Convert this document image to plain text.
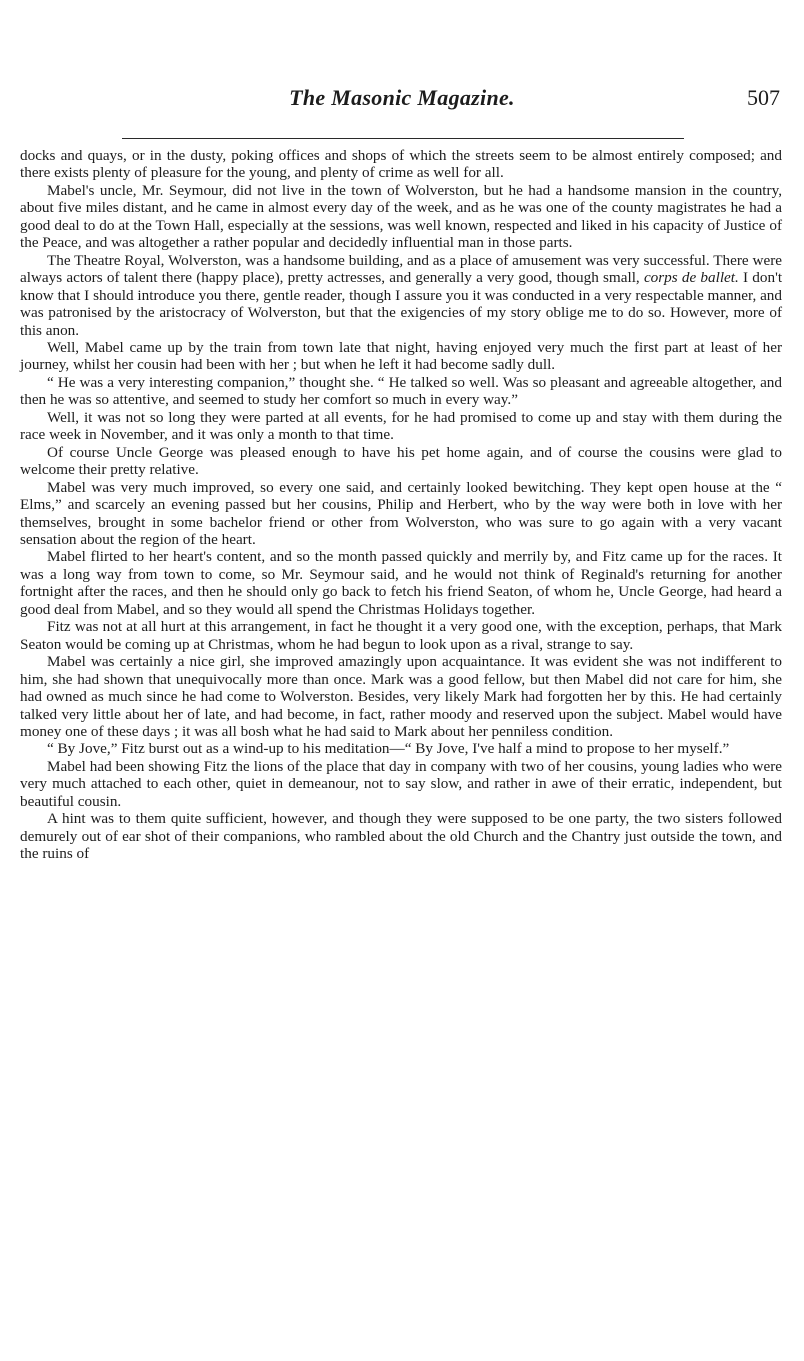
The Masonic Magazine.	507

docks and quays, or in the dusty, poking offices and shops of which the streets seem to be almost entirely composed; and there exists plenty of pleasure for the young, and plenty of crime as well for all.

Mabel's uncle, Mr. Seymour, did not live in the town of Wolverston, but he had a handsome mansion in the country, about five miles distant, and he came in almost every day of the week, and as he was one of the county magistrates he had a good deal to do at the Town Hall, especially at the sessions, was well known, respected and liked in his capacity of Justice of the Peace, and was altogether a rather popular and decidedly influential man in those parts.

The Theatre Royal, Wolverston, was a handsome building, and as a place of amusement was very successful. There were always actors of talent there (happy place), pretty actresses, and generally a very good, though small, corps de ballet. I don't know that I should introduce you there, gentle reader, though I assure you it was conducted in a very respectable manner, and was patronised by the aristocracy of Wolverston, but that the exigencies of my story oblige me to do so. However, more of this anon.

Well, Mabel came up by the train from town late that night, having enjoyed very much the first part at least of her journey, whilst her cousin had been with her ; but when he left it had become sadly dull.

“ He was a very interesting companion,” thought she. “ He talked so well. Was so pleasant and agreeable altogether, and then he was so attentive, and seemed to study her comfort so much in every way.”

Well, it was not so long they were parted at all events, for he had promised to come up and stay with them during the race week in November, and it was only a month to that time.

Of course Uncle George was pleased enough to have his pet home again, and of course the cousins were glad to welcome their pretty relative.

Mabel was very much improved, so every one said, and certainly looked bewitching. They kept open house at the “ Elms,” and scarcely an evening passed but her cousins, Philip and Herbert, who by the way were both in love with her themselves, brought in some bachelor friend or other from Wolverston, who was sure to go again with a very vacant sensation about the region of the heart.

Mabel flirted to her heart's content, and so the month passed quickly and merrily by, and Fitz came up for the races. It was a long way from town to come, so Mr. Seymour said, and he would not think of Reginald's returning for another fortnight after the races, and then he should only go back to fetch his friend Seaton, of whom he, Uncle George, had heard a good deal from Mabel, and so they would all spend the Christmas Holidays together.

Fitz was not at all hurt at this arrangement, in fact he thought it a very good one, with the exception, perhaps, that Mark Seaton would be coming up at Christmas, whom he had begun to look upon as a rival, strange to say.

Mabel was certainly a nice girl, she improved amazingly upon acquaintance. It was evident she was not indifferent to him, she had shown that unequivocally more than once. Mark was a good fellow, but then Mabel did not care for him, she had owned as much since he had come to Wolverston. Besides, very likely Mark had forgotten her by this. He had certainly talked very little about her of late, and had become, in fact, rather moody and reserved upon the subject. Mabel would have money one of these days ; it was all bosh what he had said to Mark about her penniless condition.

“ By Jove,” Fitz burst out as a wind-up to his meditation—“ By Jove, I've half a mind to propose to her myself.”

Mabel had been showing Fitz the lions of the place that day in company with two of her cousins, young ladies who were very much attached to each other, quiet in demeanour, not to say slow, and rather in awe of their erratic, independent, but beautiful cousin.

A hint was to them quite sufficient, however, and though they were supposed to be one party, the two sisters followed demurely out of ear shot of their companions, who rambled about the old Church and the Chantry just outside the town, and the ruins of
